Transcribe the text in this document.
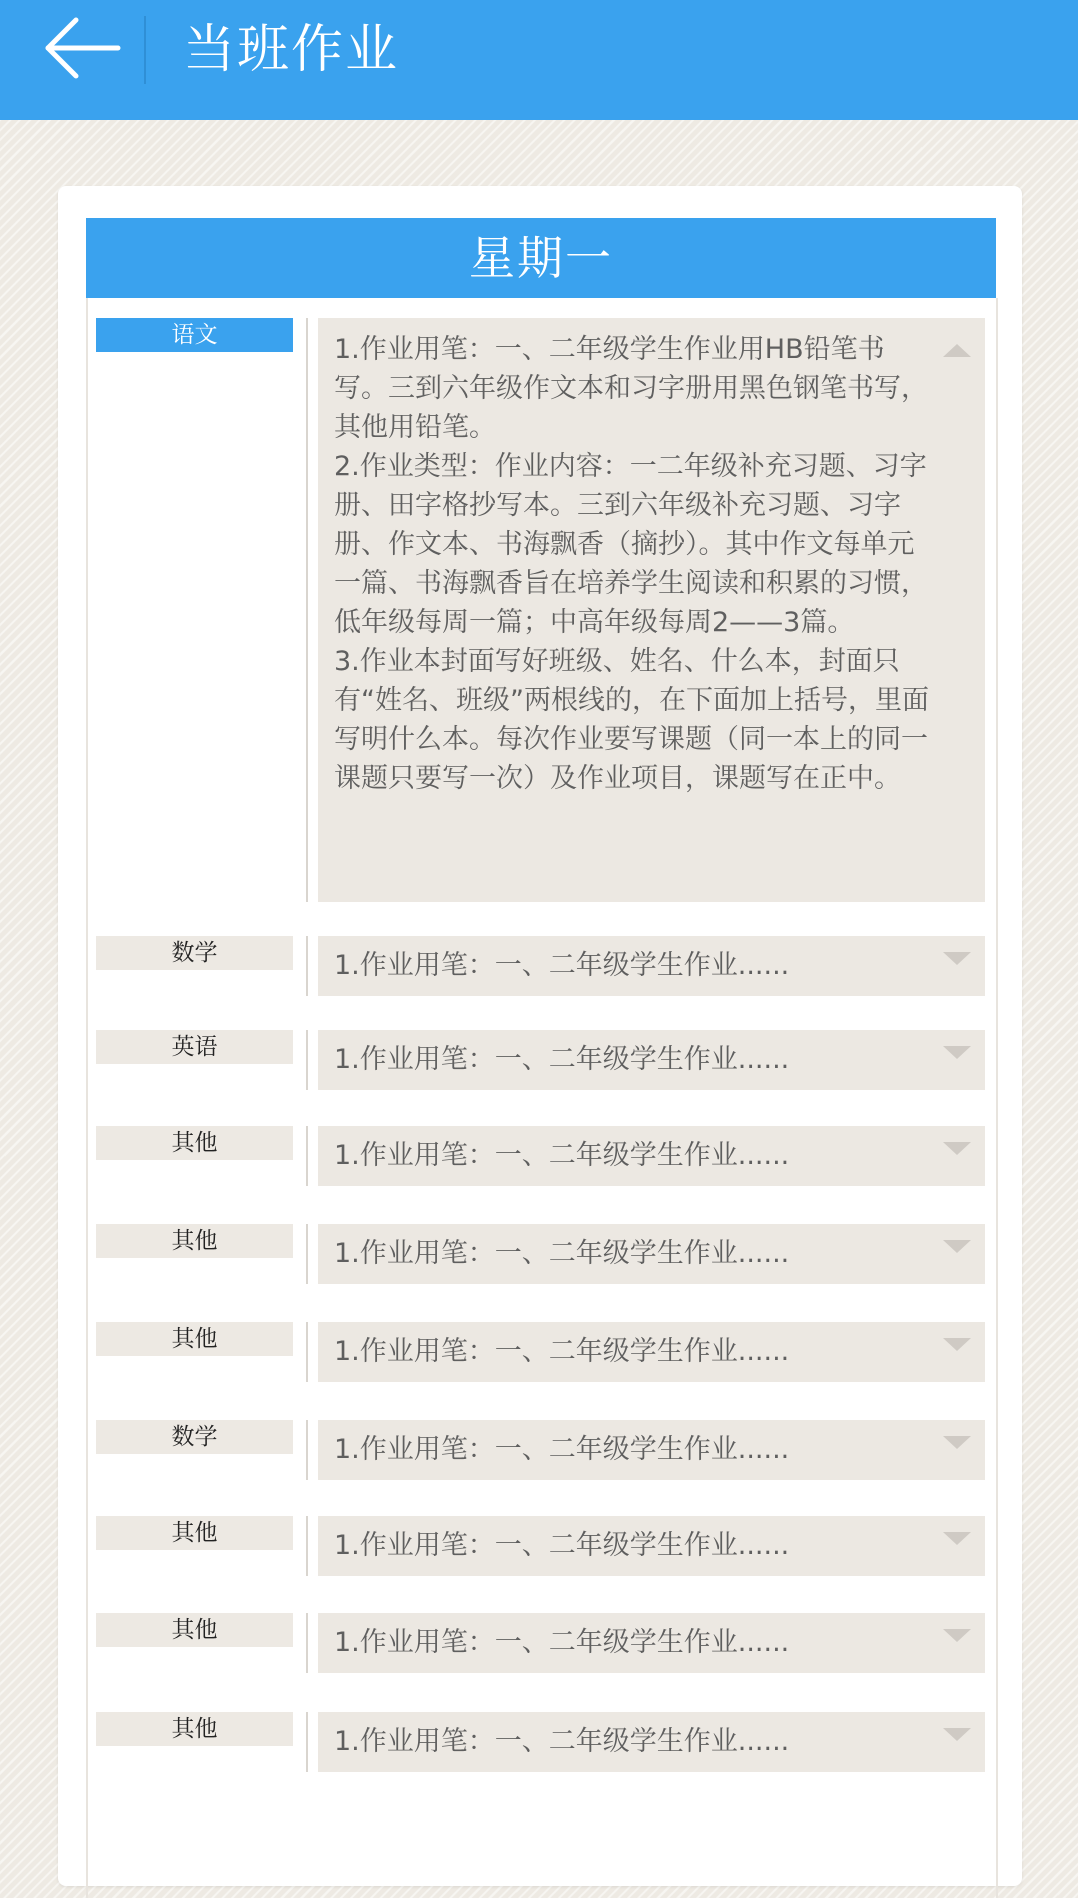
当班作业
星期一
语文	1.作业用笔：一、二年级学生作业用HB铅笔书写。三到六年级作文本和习字册用黑色钢笔书写，其他用铅笔。
2.作业类型：作业内容：一二年级补充习题、习字册、田字格抄写本。三到六年级补充习题、习字册、作文本、书海飘香（摘抄）。其中作文每单元一篇、书海飘香旨在培养学生阅读和积累的习惯，低年级每周一篇；中高年级每周2——3篇。
3.作业本封面写好班级、姓名、什么本，封面只有“姓名、班级”两根线的，在下面加上括号，里面写明什么本。每次作业要写课题（同一本上的同一课题只要写一次）及作业项目，课题写在正中。
数学	1.作业用笔：一、二年级学生作业......
英语	1.作业用笔：一、二年级学生作业......
其他	1.作业用笔：一、二年级学生作业......
其他	1.作业用笔：一、二年级学生作业......
其他	1.作业用笔：一、二年级学生作业......
数学	1.作业用笔：一、二年级学生作业......
其他	1.作业用笔：一、二年级学生作业......
其他	1.作业用笔：一、二年级学生作业......
其他	1.作业用笔：一、二年级学生作业......
